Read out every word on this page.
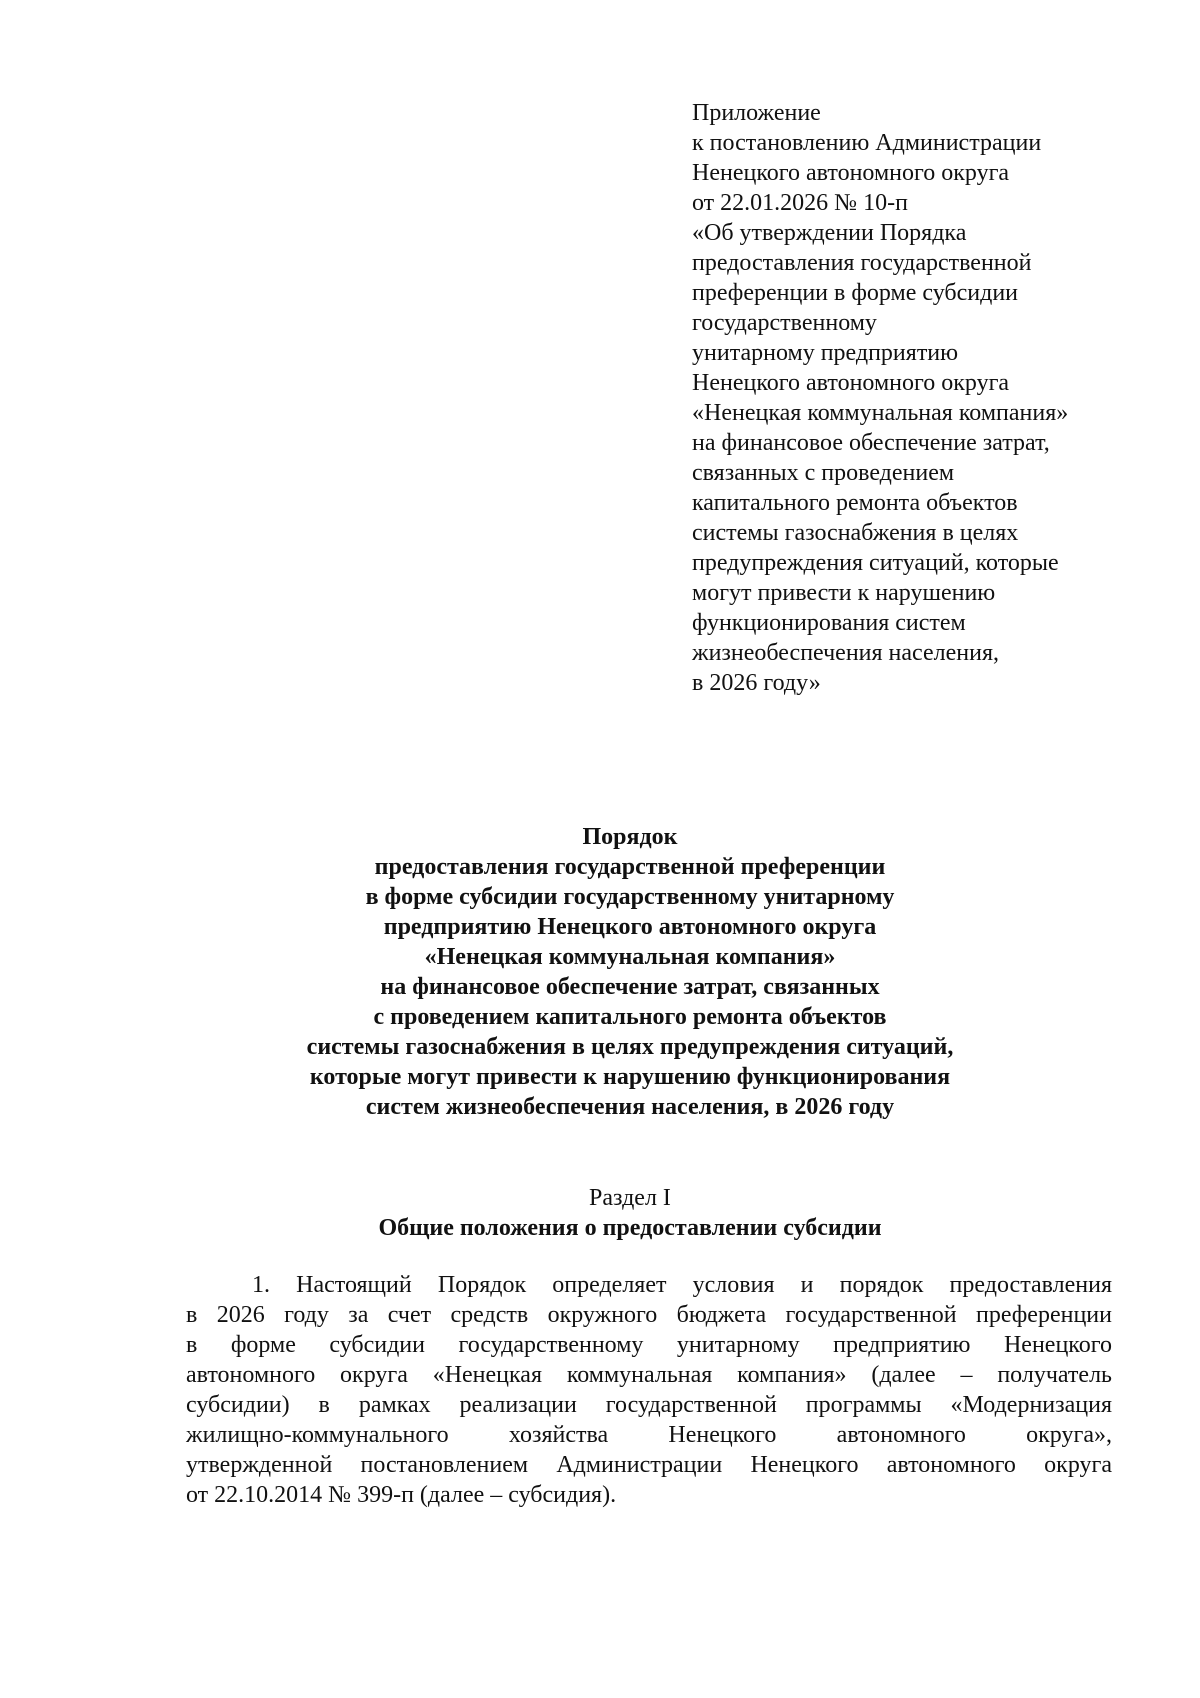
Приложение
к постановлению Администрации
Ненецкого автономного округа
от 22.01.2026 № 10-п
«Об утверждении Порядка
предоставления государственной
преференции в форме субсидии
государственному
унитарному предприятию
Ненецкого автономного округа
«Ненецкая коммунальная компания»
на финансовое обеспечение затрат,
связанных с проведением
капитального ремонта объектов
системы газоснабжения в целях
предупреждения ситуаций, которые
могут привести к нарушению
функционирования систем
жизнеобеспечения населения,
в 2026 году»
Порядок
предоставления государственной преференции
в форме субсидии государственному унитарному
предприятию Ненецкого автономного округа
«Ненецкая коммунальная компания»
на финансовое обеспечение затрат, связанных
с проведением капитального ремонта объектов
системы газоснабжения в целях предупреждения ситуаций,
которые могут привести к нарушению функционирования
систем жизнеобеспечения населения, в 2026 году
Раздел I
Общие положения о предоставлении субсидии
1. Настоящий Порядок определяет условия и порядок предоставления
в 2026 году за счет средств окружного бюджета государственной преференции
в форме субсидии государственному унитарному предприятию Ненецкого
автономного округа «Ненецкая коммунальная компания» (далее – получатель
субсидии) в рамках реализации государственной программы «Модернизация
жилищно-коммунального хозяйства Ненецкого автономного округа»,
утвержденной постановлением Администрации Ненецкого автономного округа
от 22.10.2014 № 399-п (далее – субсидия).
